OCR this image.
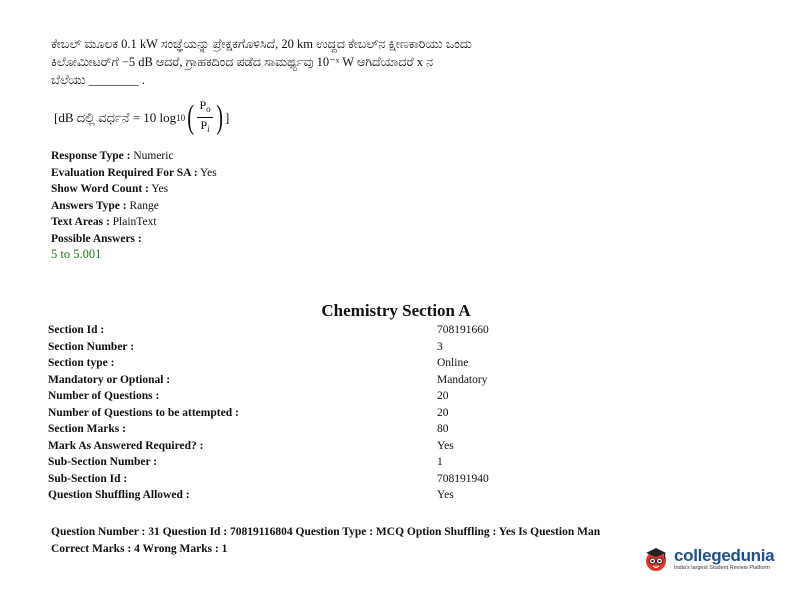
ಕೇಬಲ್ ಮೂಲಕ 0.1 kW ಸಂಜ್ಞೆಯನ್ನು ಪ್ರೇಕ್ಷಕಗೊಳಿಸಿದೆ, 20 km ಉದ್ದದ ಕೇಬಲ್‌ನ ಕ್ಷೀಣಕಾರಿಯು ಒಂದು
ಕಿಲೋಮೀಟರ್‌ಗೆ −5 dB ಆದರೆ, ಗ್ರಾಹಕದಿಂದ ಪಡೆದ ಸಾಮರ್ಥ್ಯವು 10⁻ˣ W ಆಗಿದೆಯಾದರೆ x ನ
ಬೆಲೆಯು ________ .
[dB ದಲ್ಲಿ ವರ್ಧನೆ = 10 log 10 ( $\frac{P_o}{P_i}$ ) ]
Response Type : Numeric
Evaluation Required For SA : Yes
Show Word Count : Yes
Answers Type : Range
Text Areas : PlainText
Possible Answers :
5 to 5.001
Chemistry Section A
Section Id :	708191660
Section Number :	3
Section type :	Online
Mandatory or Optional :	Mandatory
Number of Questions :	20
Number of Questions to be attempted :	20
Section Marks :	80
Mark As Answered Required? :	Yes
Sub-Section Number :	1
Sub-Section Id :	708191940
Question Shuffling Allowed :	Yes
Question Number : 31 Question Id : 70819116804 Question Type : MCQ Option Shuffling : Yes Is Question Man
Correct Marks : 4 Wrong Marks : 1	collegedunia
India's largest Student Review Platform
